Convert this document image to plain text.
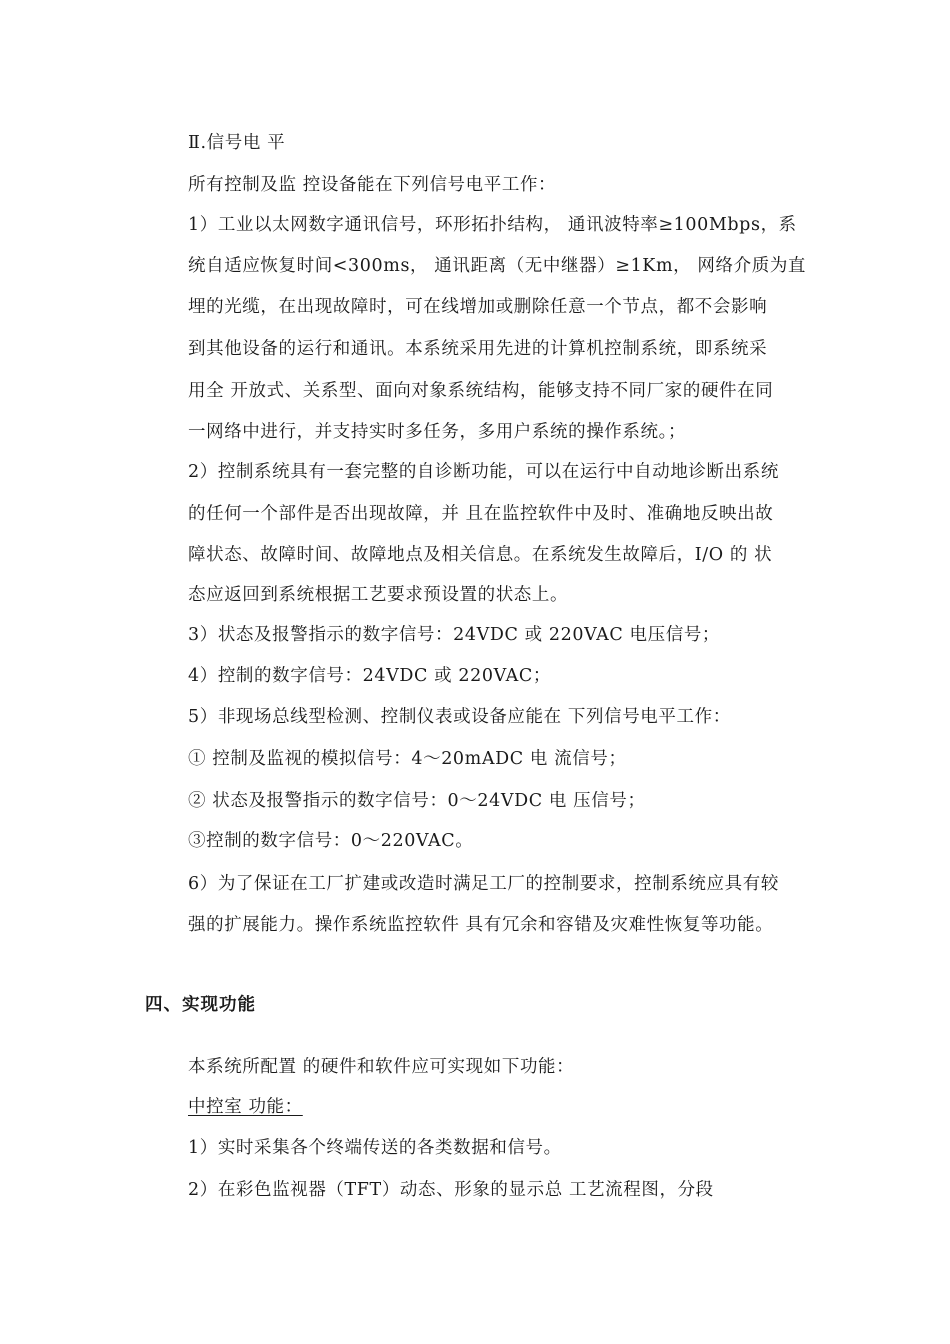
Ⅱ.信号电 平
所有控制及监 控设备能在下列信号电平工作：
1）工业以太网数字通讯信号，环形拓扑结构， 通讯波特率≥100Mbps，系
统自适应恢复时间<300ms， 通讯距离（无中继器）≥1Km， 网络介质为直
埋的光缆，在出现故障时，可在线增加或删除任意一个节点，都不会影响
到其他设备的运行和通讯。本系统采用先进的计算机控制系统，即系统采
用全 开放式、关系型、面向对象系统结构，能够支持不同厂家的硬件在同
一网络中进行，并支持实时多任务，多用户系统的操作系统。；
2）控制系统具有一套完整的自诊断功能，可以在运行中自动地诊断出系统
的任何一个部件是否出现故障，并 且在监控软件中及时、准确地反映出故
障状态、故障时间、故障地点及相关信息。在系统发生故障后，I/O 的 状
态应返回到系统根据工艺要求预设置的状态上。
3）状态及报警指示的数字信号：24VDC 或 220VAC 电压信号；
4）控制的数字信号：24VDC 或 220VAC；
5）非现场总线型检测、控制仪表或设备应能在 下列信号电平工作：
① 控制及监视的模拟信号：4～20mADC 电 流信号；
② 状态及报警指示的数字信号：0～24VDC 电 压信号；
③控制的数字信号：0～220VAC。
6）为了保证在工厂扩建或改造时满足工厂的控制要求，控制系统应具有较
强的扩展能力。操作系统监控软件 具有冗余和容错及灾难性恢复等功能。
四、实现功能
本系统所配置 的硬件和软件应可实现如下功能：
中控室 功能：
1）实时采集各个终端传送的各类数据和信号。
2）在彩色监视器（TFT）动态、形象的显示总 工艺流程图，分段
